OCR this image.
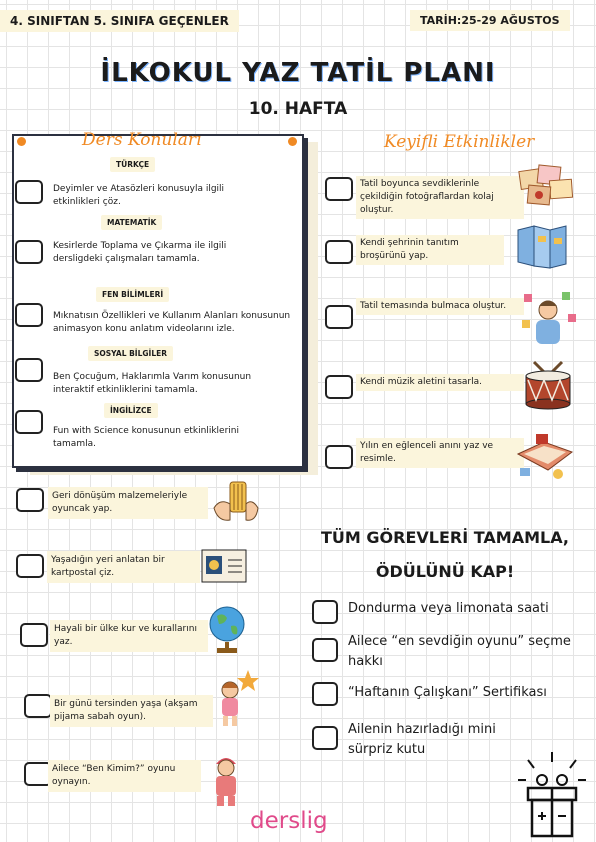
4. SINIFTAN 5. SINIFA GEÇENLER	TARİH:25-29 AĞUSTOS
İLKOKUL YAZ TATİL PLANI
10. HAFTA
Ders Konuları
TÜRKÇE
Deyimler ve Atasözleri konusuyla ilgili etkinlikleri çöz.
MATEMATİK
Kesirlerde Toplama ve Çıkarma ile ilgili dersligdeki çalışmaları tamamla.
FEN BİLİMLERİ
Mıknatısın Özellikleri ve Kullanım Alanları konusunun animasyon konu anlatım videolarını izle.
SOSYAL BİLGİLER
Ben Çocuğum, Haklarımla Varım konusunun interaktif etkinliklerini tamamla.
İNGİLİZCE
Fun with Science konusunun etkinliklerini tamamla.
Keyifli Etkinlikler
Tatil boyunca sevdiklerinle çekildiğin fotoğraflardan kolaj oluştur.
Kendi şehrinin tanıtım broşürünü yap.
Tatil temasında bulmaca oluştur.
Kendi müzik aletini tasarla.
Yılın en eğlenceli anını yaz ve resimle.
Geri dönüşüm malzemeleriyle oyuncak yap.
Yaşadığın yeri anlatan bir kartpostal çiz.
Hayali bir ülke kur ve kurallarını yaz.
Bir günü tersinden yaşa (akşam pijama sabah oyun).
Ailece “Ben Kimim?” oyunu oynayın.
TÜM GÖREVLERİ TAMAMLA,
ÖDÜLÜNÜ KAP!
Dondurma veya limonata saati
Ailece “en sevdiğin oyunu” seçme hakkı
“Haftanın Çalışkanı” Sertifikası
Ailenin hazırladığı mini sürpriz kutu
derslig
